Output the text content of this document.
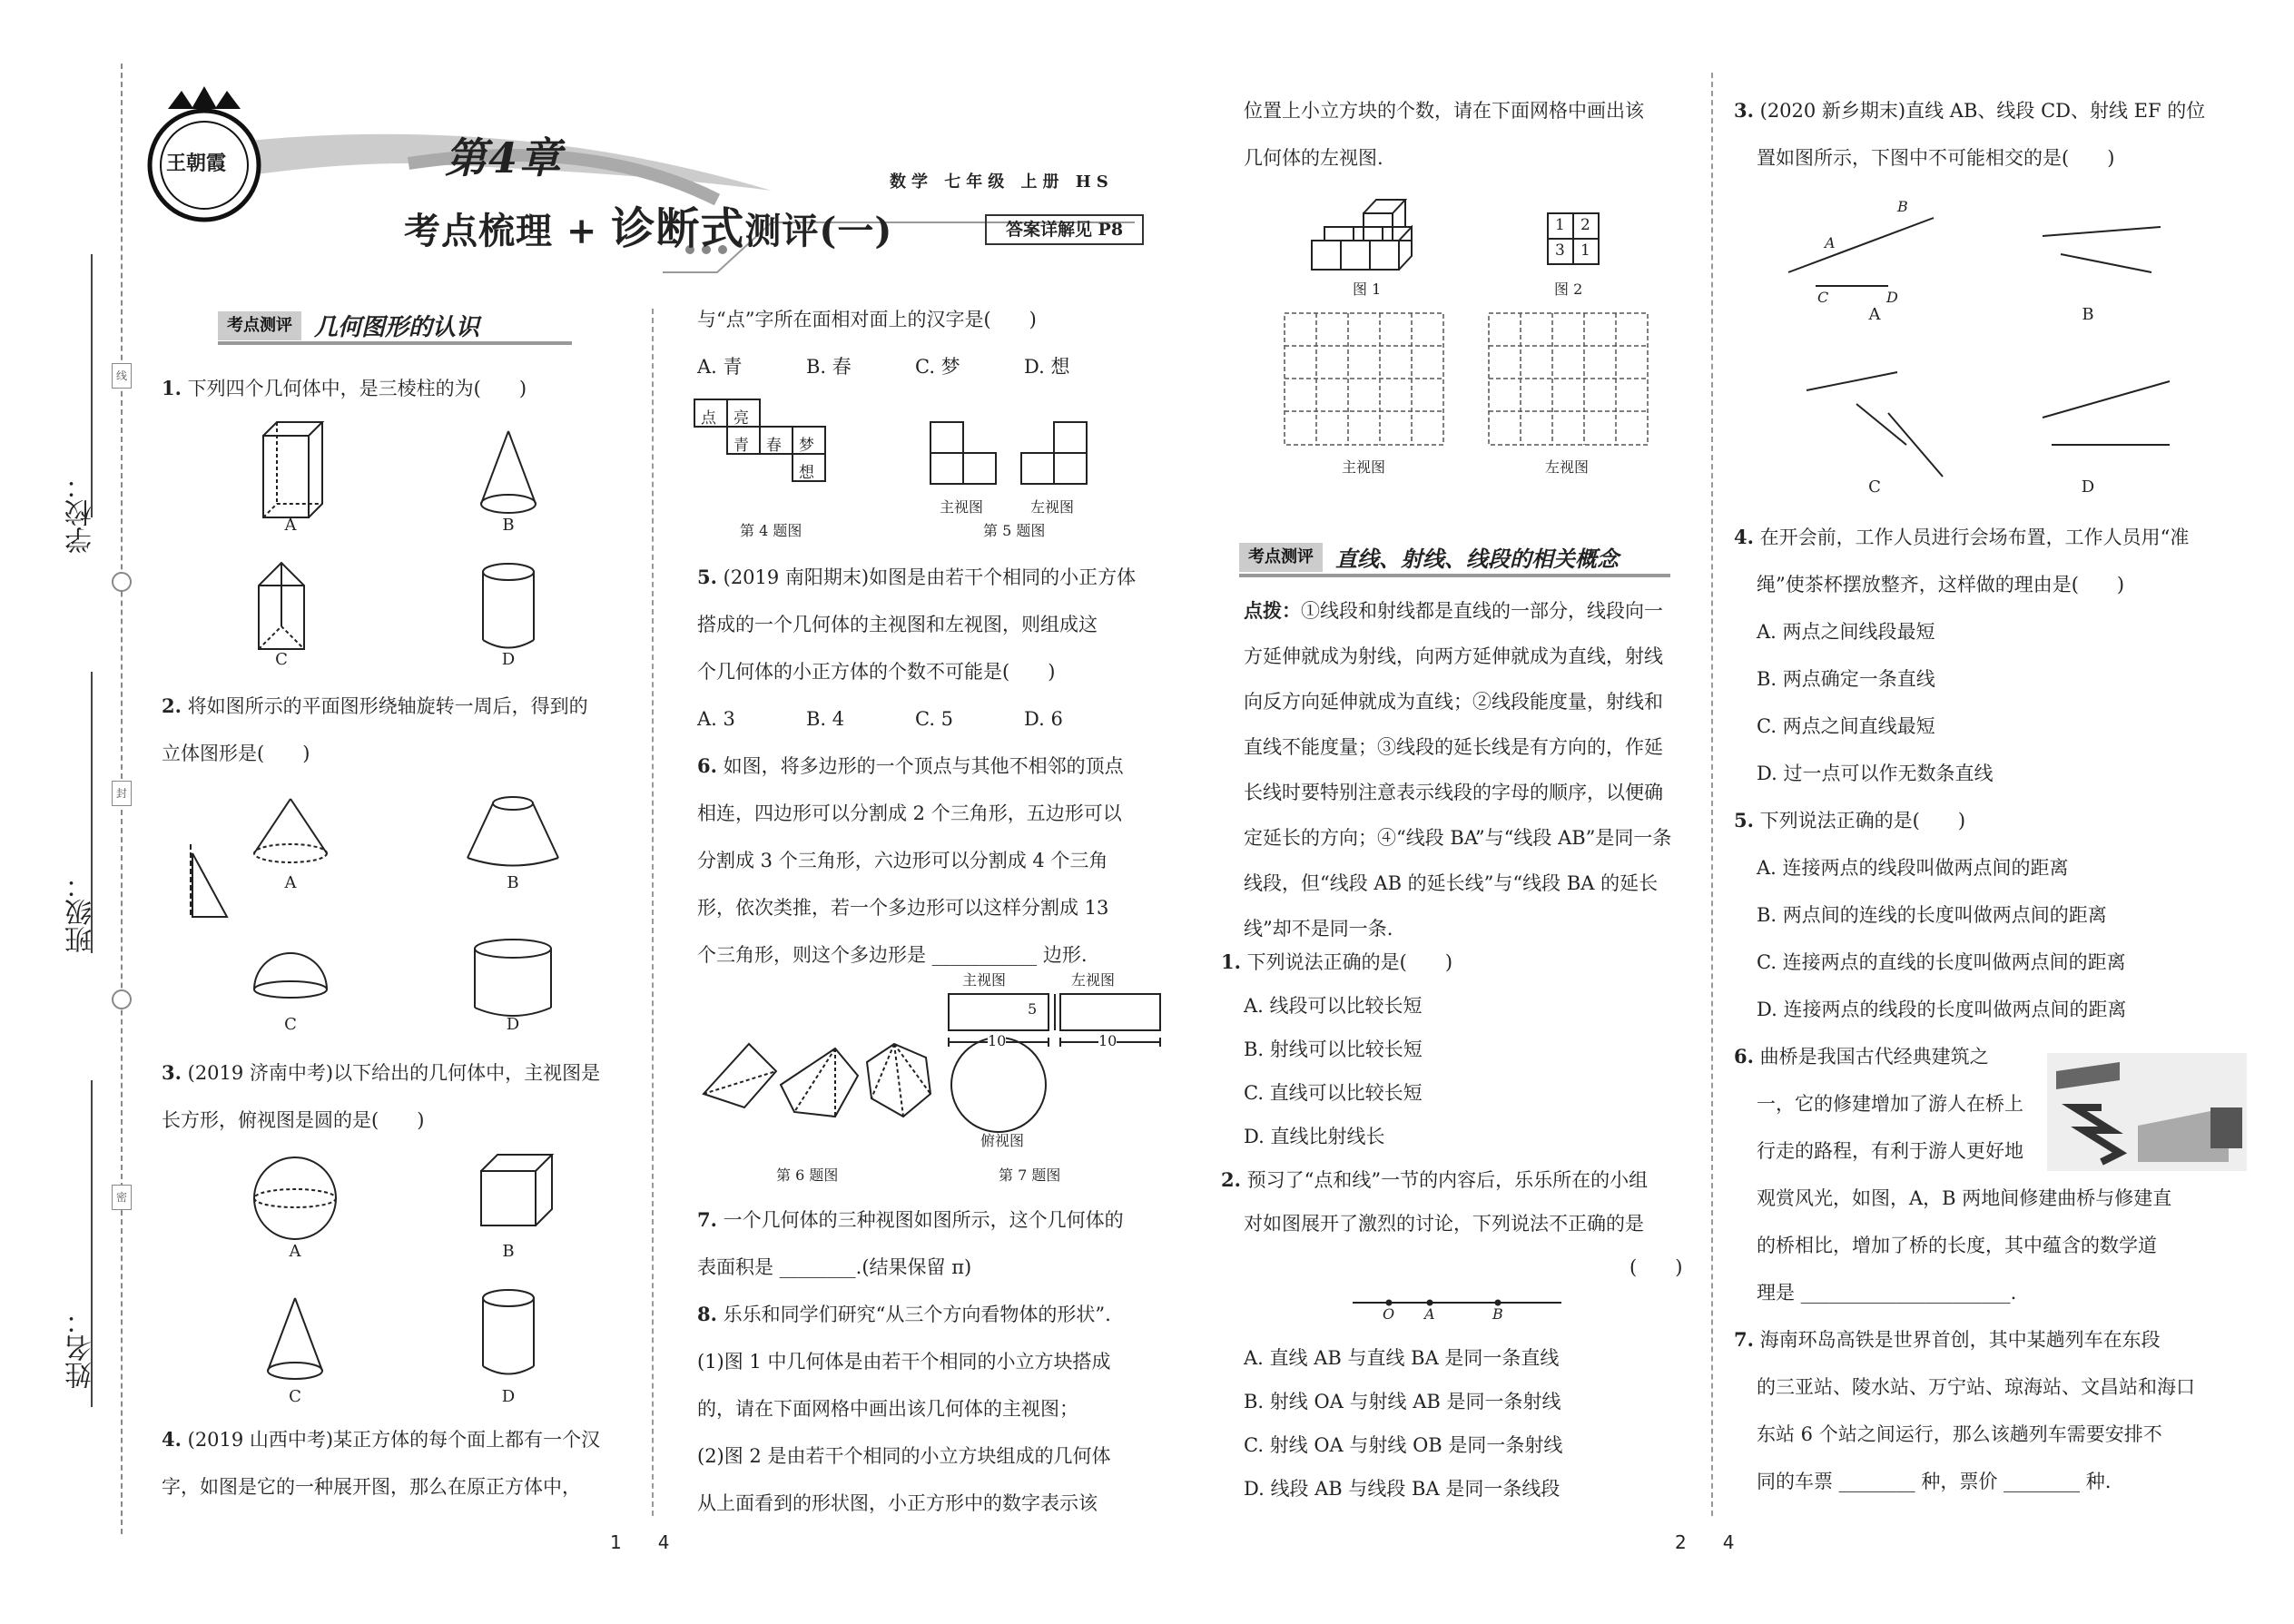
学校：
班级：
姓名：
线
封
密
王朝霞	第4章
考点梳理 + 诊断式测评(一)
数学 七年级 上册 HS
答案详解见 P8
考点测评 几何图形的认识

1. 下列四个几何体中，是三棱柱的为(　　)

A	B
C	D

2. 将如图所示的平面图形绕轴旋转一周后，得到的

立体图形是(　　)

A	B
C	D

3. (2019 济南中考)以下给出的几何体中，主视图是

长方形，俯视图是圆的是(　　)

A	B
C	D

4. (2019 山西中考)某正方体的每个面上都有一个汉

字，如图是它的一种展开图，那么在原正方体中，

与“点”字所在面相对面上的汉字是(　　)

A. 青	B. 春	C. 梦	D. 想

点 亮
青 春 梦
想
第 4 题图
主视图	左视图
第 5 题图

5. (2019 南阳期末)如图是由若干个相同的小正方体

搭成的一个几何体的主视图和左视图，则组成这

个几何体的小正方体的个数不可能是(　　)

A. 3	B. 4	C. 5	D. 6

6. 如图，将多边形的一个顶点与其他不相邻的顶点

相连，四边形可以分割成 2 个三角形，五边形可以

分割成 3 个三角形，六边形可以分割成 4 个三角

形，依次类推，若一个多边形可以这样分割成 13

个三角形，则这个多边形是 ___________ 边形.

第 6 题图
主视图	左视图
5
10	10
俯视图
第 7 题图

7. 一个几何体的三种视图如图所示，这个几何体的

表面积是 ________.(结果保留 π)

8. 乐乐和同学们研究“从三个方向看物体的形状”.

(1)图 1 中几何体是由若干个相同的小立方块搭成

的，请在下面网格中画出该几何体的主视图；

(2)图 2 是由若干个相同的小立方块组成的几何体

从上面看到的形状图，小正方形中的数字表示该

1　　4

位置上小立方块的个数，请在下面网格中画出该

几何体的左视图.

1 2
3 1
图 1	图 2
主视图	左视图
考点测评 直线、射线、线段的相关概念

点拨：①线段和射线都是直线的一部分，线段向一

方延伸就成为射线，向两方延伸就成为直线，射线

向反方向延伸就成为直线；②线段能度量，射线和

直线不能度量；③线段的延长线是有方向的，作延

长线时要特别注意表示线段的字母的顺序，以便确

定延长的方向；④“线段 BA”与“线段 AB”是同一条

线段，但“线段 AB 的延长线”与“线段 BA 的延长

线”却不是同一条.

1. 下列说法正确的是(　　)

A. 线段可以比较长短

B. 射线可以比较长短

C. 直线可以比较长短

D. 直线比射线长

2. 预习了“点和线”一节的内容后，乐乐所在的小组

对如图展开了激烈的讨论，下列说法不正确的是

(　　)

O A	B

A. 直线 AB 与直线 BA 是同一条直线

B. 射线 OA 与射线 AB 是同一条射线

C. 射线 OA 与射线 OB 是同一条射线

D. 线段 AB 与线段 BA 是同一条线段

2　　4

3. (2020 新乡期末)直线 AB、线段 CD、射线 EF 的位

置如图所示，下图中不可能相交的是(　　)

A	B
C	D
B
A
C	D

4. 在开会前，工作人员进行会场布置，工作人员用“准

绳”使茶杯摆放整齐，这样做的理由是(　　)

A. 两点之间线段最短

B. 两点确定一条直线

C. 两点之间直线最短

D. 过一点可以作无数条直线

5. 下列说法正确的是(　　)

A. 连接两点的线段叫做两点间的距离

B. 两点间的连线的长度叫做两点间的距离

C. 连接两点的直线的长度叫做两点间的距离

D. 连接两点的线段的长度叫做两点间的距离

6. 曲桥是我国古代经典建筑之

一，它的修建增加了游人在桥上

行走的路程，有利于游人更好地

观赏风光，如图，A，B 两地间修建曲桥与修建直

的桥相比，增加了桥的长度，其中蕴含的数学道

理是 ______________________.

7. 海南环岛高铁是世界首创，其中某趟列车在东段

的三亚站、陵水站、万宁站、琼海站、文昌站和海口

东站 6 个站之间运行，那么该趟列车需要安排不

同的车票 ________ 种，票价 ________ 种.
